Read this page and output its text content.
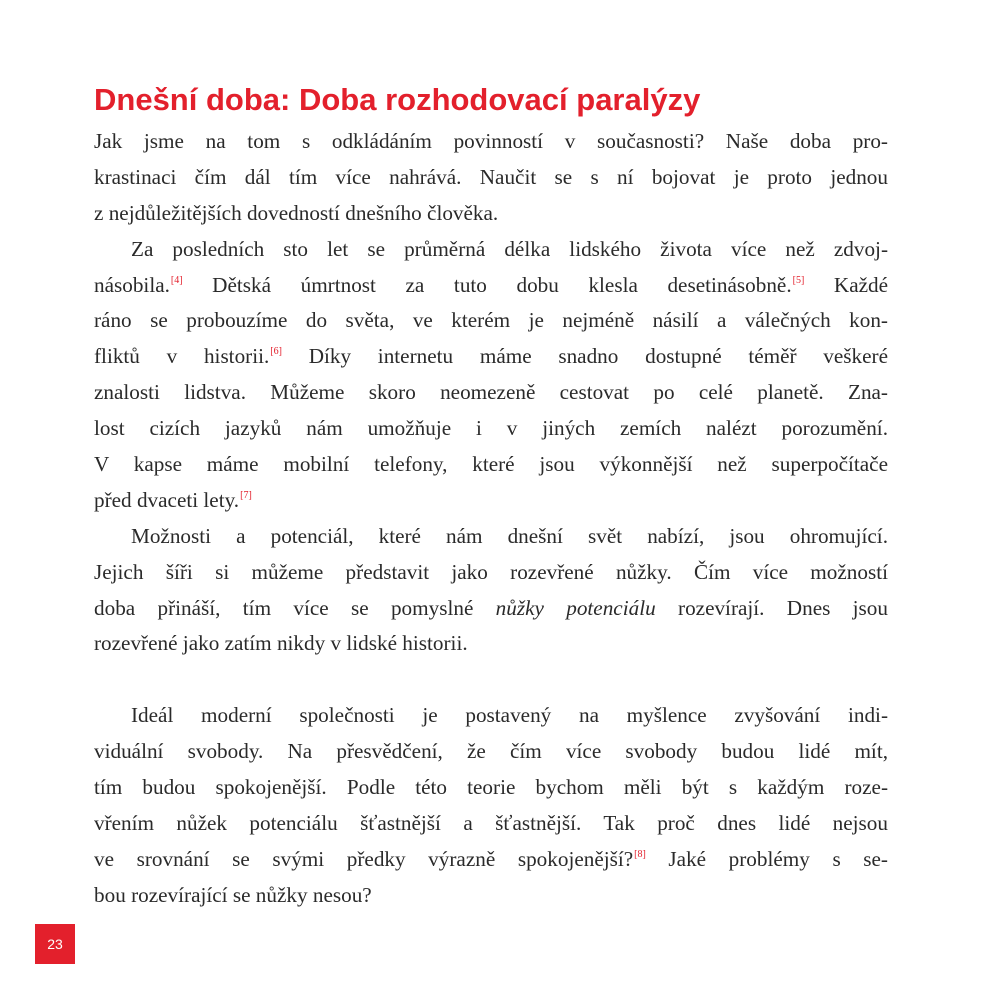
Dnešní doba: Doba rozhodovací paralýzy

Jak jsme na tom s odkládáním povinností v současnosti? Naše doba pro-
krastinaci čím dál tím více nahrává. Naučit se s ní bojovat je proto jednou
z nejdůležitějších dovedností dnešního člověka.

Za posledních sto let se průměrná délka lidského života více než zdvoj-
násobila.[4] Dětská úmrtnost za tuto dobu klesla desetinásobně.[5] Každé
ráno se probouzíme do světa, ve kterém je nejméně násilí a válečných kon-
fliktů v historii.[6] Díky internetu máme snadno dostupné téměř veškeré
znalosti lidstva. Můžeme skoro neomezeně cestovat po celé planetě. Zna-
lost cizích jazyků nám umožňuje i v jiných zemích nalézt porozumění.
V kapse máme mobilní telefony, které jsou výkonnější než superpočítače
před dvaceti lety.[7]

Možnosti a potenciál, které nám dnešní svět nabízí, jsou ohromující.
Jejich šíři si můžeme představit jako rozevřené nůžky. Čím více možností
doba přináší, tím více se pomyslné nůžky potenciálu rozevírají. Dnes jsou
rozevřené jako zatím nikdy v lidské historii.

Ideál moderní společnosti je postavený na myšlence zvyšování indi-
viduální svobody. Na přesvědčení, že čím více svobody budou lidé mít,
tím budou spokojenější. Podle této teorie bychom měli být s každým roze-
vřením nůžek potenciálu šťastnější a šťastnější. Tak proč dnes lidé nejsou
ve srovnání se svými předky výrazně spokojenější?[8] Jaké problémy s se-
bou rozevírající se nůžky nesou?

23
